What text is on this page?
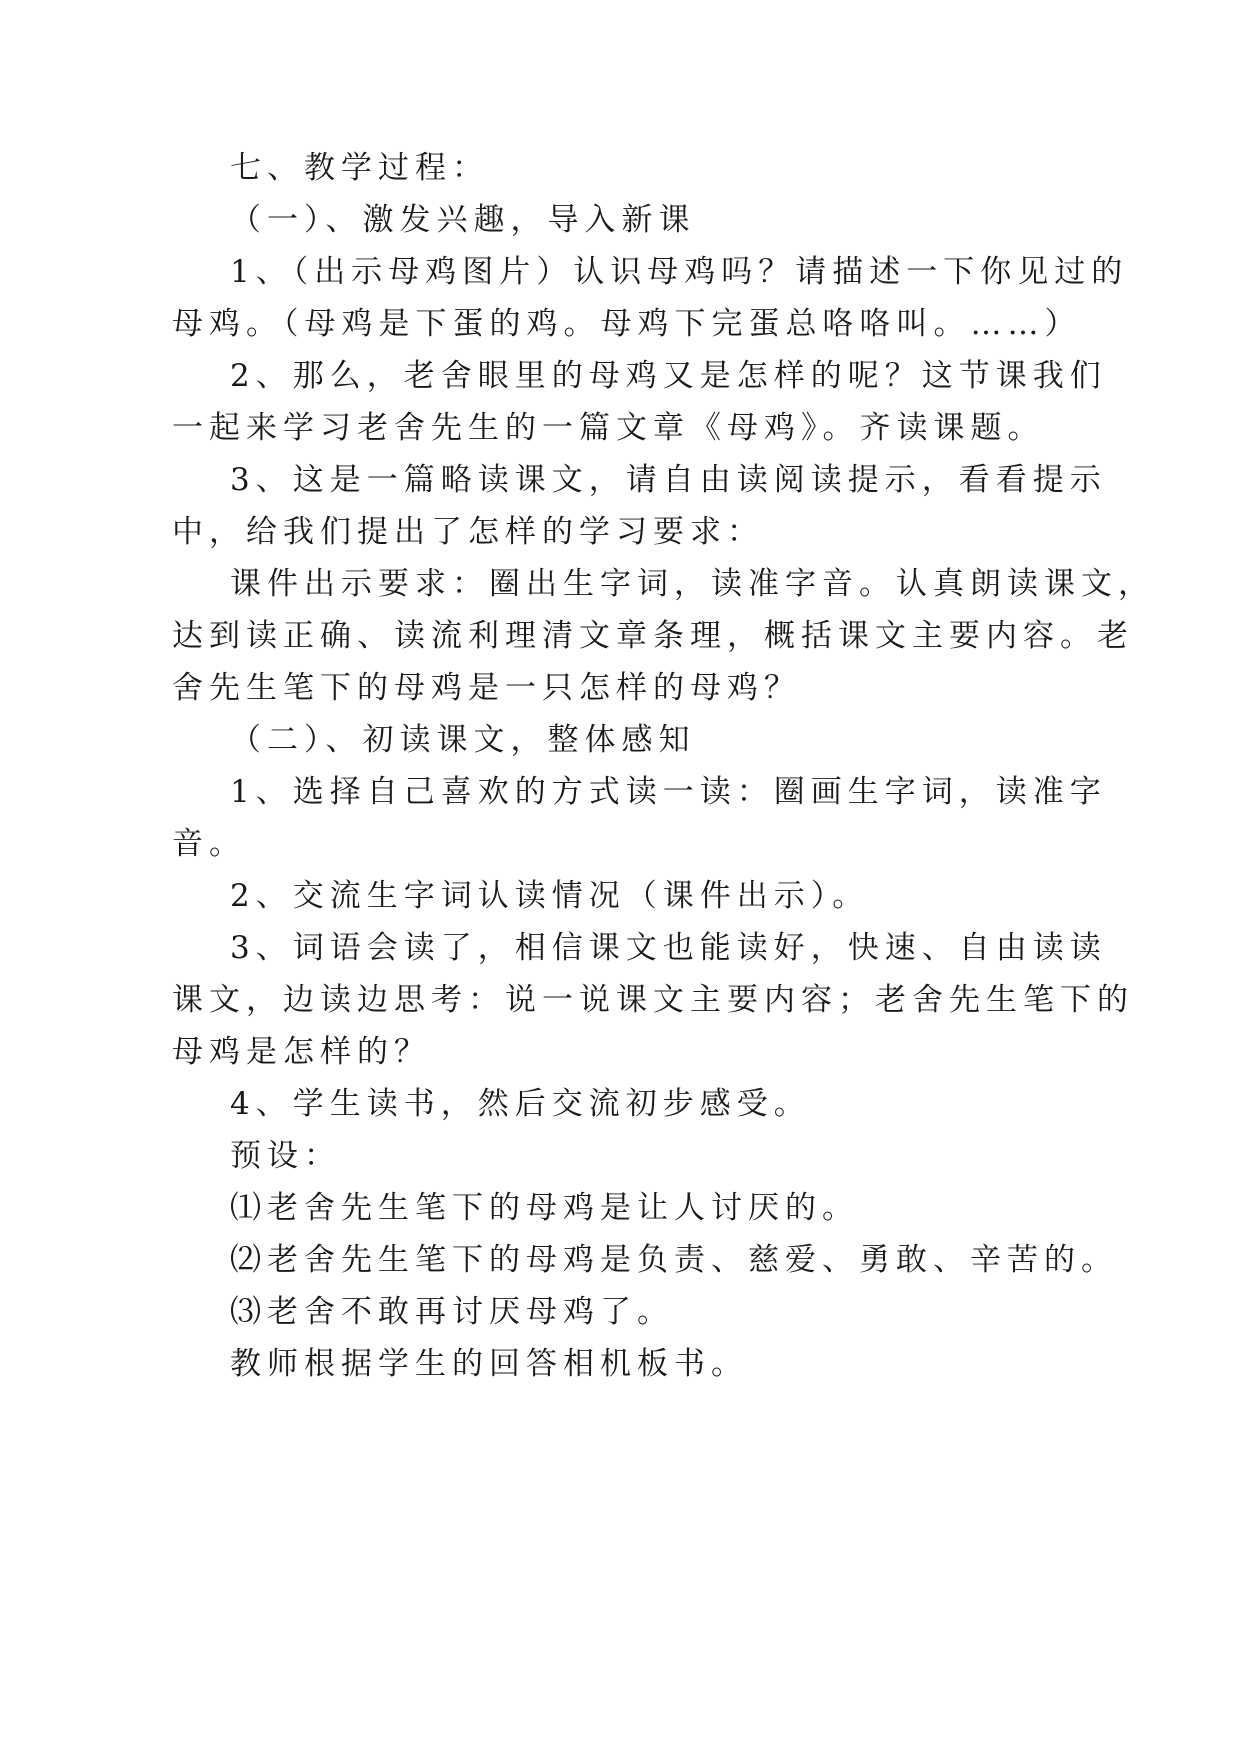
七、教学过程：

（一）、激发兴趣，导入新课

1、（出示母鸡图片）认识母鸡吗？请描述一下你见过的

母鸡。（母鸡是下蛋的鸡。母鸡下完蛋总咯咯叫。……）

2、那么，老舍眼里的母鸡又是怎样的呢？这节课我们

一起来学习老舍先生的一篇文章《母鸡》。齐读课题。

3、这是一篇略读课文，请自由读阅读提示，看看提示

中，给我们提出了怎样的学习要求：

课件出示要求：圈出生字词，读准字音。认真朗读课文，

达到读正确、读流利理清文章条理，概括课文主要内容。老

舍先生笔下的母鸡是一只怎样的母鸡？

（二）、初读课文，整体感知

1、选择自己喜欢的方式读一读：圈画生字词，读准字

音。

2、交流生字词认读情况（课件出示）。

3、词语会读了，相信课文也能读好，快速、自由读读

课文，边读边思考：说一说课文主要内容；老舍先生笔下的

母鸡是怎样的？

4、学生读书，然后交流初步感受。

预设：

⑴老舍先生笔下的母鸡是让人讨厌的。

⑵老舍先生笔下的母鸡是负责、慈爱、勇敢、辛苦的。

⑶老舍不敢再讨厌母鸡了。

教师根据学生的回答相机板书。
